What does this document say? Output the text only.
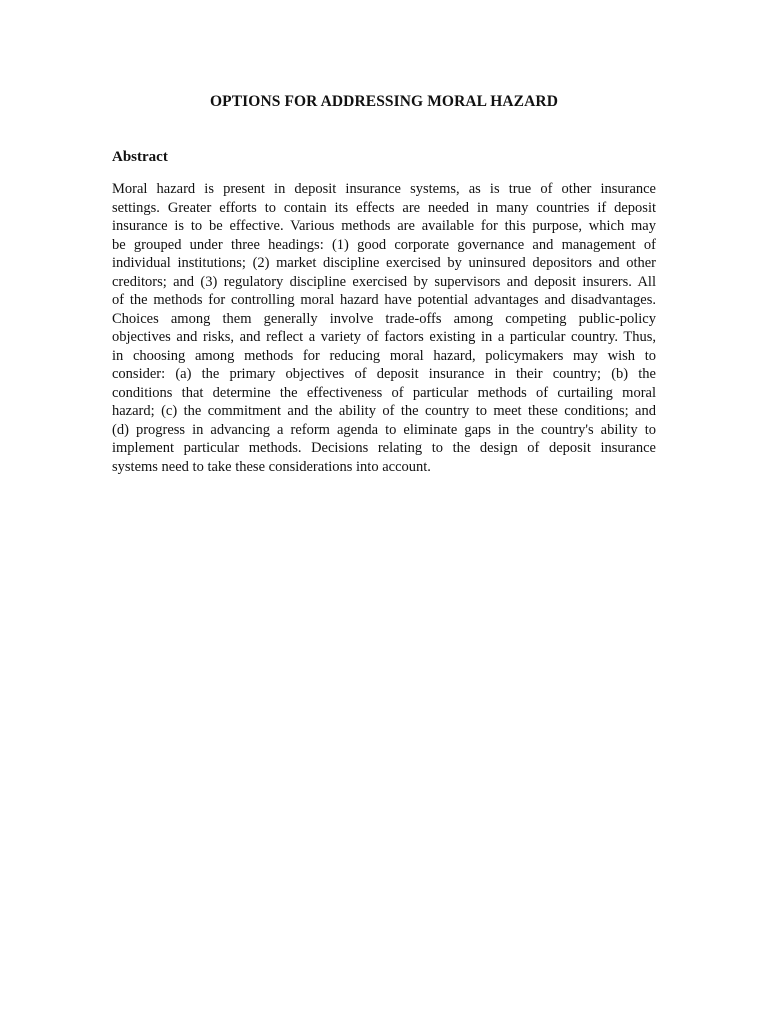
OPTIONS FOR ADDRESSING MORAL HAZARD
Abstract
Moral hazard is present in deposit insurance systems, as is true of other insurance
settings. Greater efforts to contain its effects are needed in many countries if deposit
insurance is to be effective. Various methods are available for this purpose, which may
be grouped under three headings: (1) good corporate governance and management of
individual institutions; (2) market discipline exercised by uninsured depositors and other
creditors; and (3) regulatory discipline exercised by supervisors and deposit insurers. All
of the methods for controlling moral hazard have potential advantages and disadvantages.
Choices among them generally involve trade-offs among competing public-policy
objectives and risks, and reflect a variety of factors existing in a particular country. Thus,
in choosing among methods for reducing moral hazard, policymakers may wish to
consider: (a) the primary objectives of deposit insurance in their country; (b) the
conditions that determine the effectiveness of particular methods of curtailing moral
hazard; (c) the commitment and the ability of the country to meet these conditions; and
(d) progress in advancing a reform agenda to eliminate gaps in the country's ability to
implement particular methods. Decisions relating to the design of deposit insurance
systems need to take these considerations into account.
